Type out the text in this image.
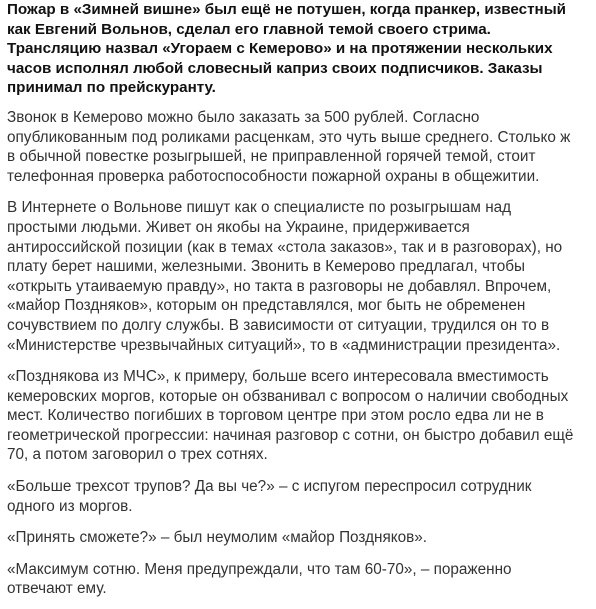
Пожар в «Зимней вишне» был ещё не потушен, когда пранкер, известный
как Евгений Вольнов, сделал его главной темой своего стрима.
Трансляцию назвал «Угораем с Кемерово» и на протяжении нескольких
часов исполнял любой словесный каприз своих подписчиков. Заказы
принимал по прейскуранту.

Звонок в Кемерово можно было заказать за 500 рублей. Согласно
опубликованным под роликами расценкам, это чуть выше среднего. Столько ж
в обычной повестке розыгрышей, не приправленной горячей темой, стоит
телефонная проверка работоспособности пожарной охраны в общежитии.

В Интернете о Вольнове пишут как о специалисте по розыгрышам над
простыми людьми. Живет он якобы на Украине, придерживается
антироссийской позиции (как в темах «стола заказов», так и в разговорах), но
плату берет нашими, железными. Звонить в Кемерово предлагал, чтобы
«открыть утаиваемую правду», но такта в разговоры не добавлял. Впрочем,
«майор Поздняков», которым он представлялся, мог быть не обременен
сочувствием по долгу службы. В зависимости от ситуации, трудился он то в
«Министерстве чрезвычайных ситуаций», то в «администрации президента».

«Позднякова из МЧС», к примеру, больше всего интересовала вместимость
кемеровских моргов, которые он обзванивал с вопросом о наличии свободных
мест. Количество погибших в торговом центре при этом росло едва ли не в
геометрической прогрессии: начиная разговор с сотни, он быстро добавил ещё
70, а потом заговорил о трех сотнях.

«Больше трехсот трупов? Да вы че?» – с испугом переспросил сотрудник
одного из моргов.

«Принять сможете?» – был неумолим «майор Поздняков».

«Максимум сотню. Меня предупреждали, что там 60-70», – пораженно
отвечают ему.
